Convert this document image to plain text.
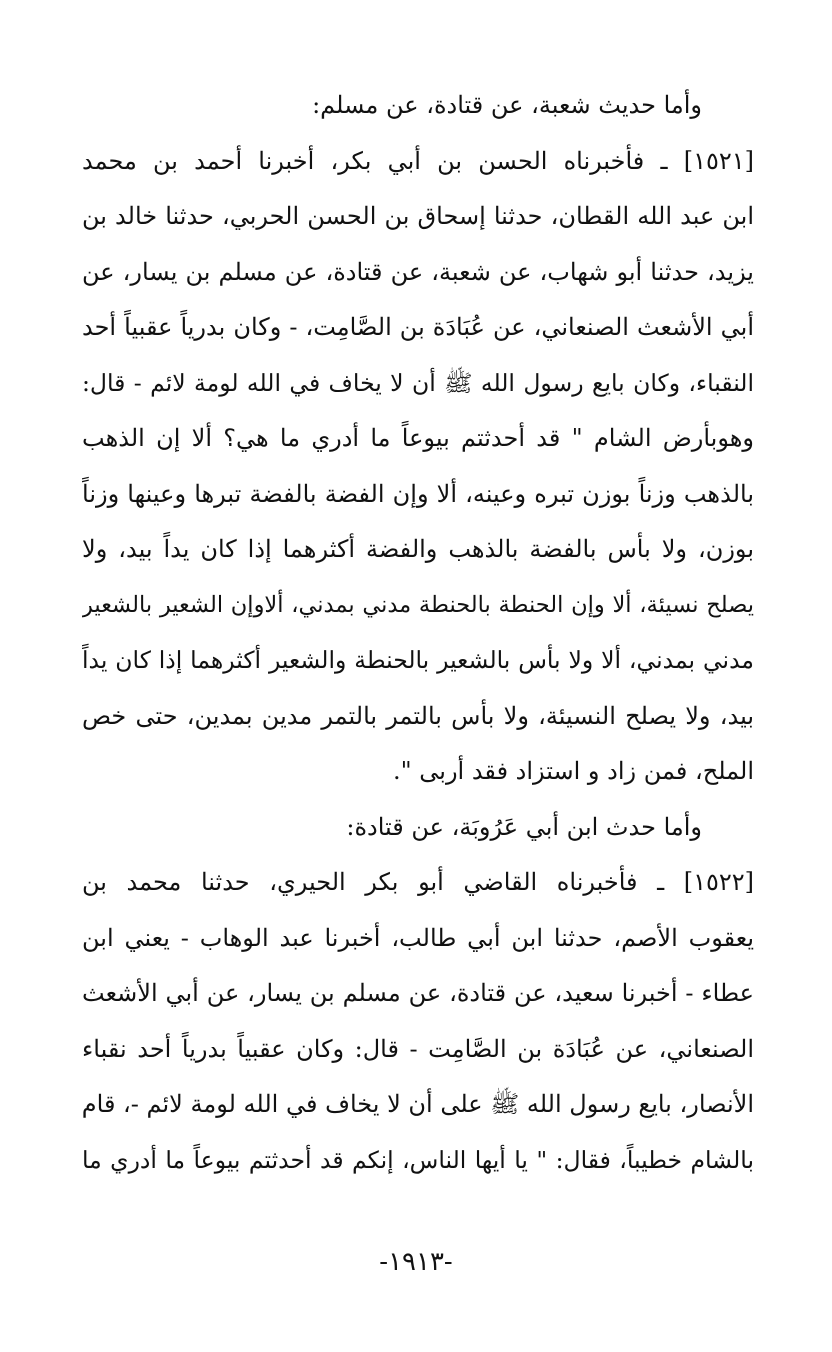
وأما حديث شعبة، عن قتادة، عن مسلم:
[١٥٢١] ـ فأخبرناه الحسن بن أبي بكر، أخبرنا أحمد بن محمد
ابن عبد الله القطان، حدثنا إسحاق بن الحسن الحربي، حدثنا خالد بن
يزيد، حدثنا أبو شهاب، عن شعبة، عن قتادة، عن مسلم بن يسار، عن
أبي الأشعث الصنعاني، عن عُبَادَة بن الصَّامِت، - وكان بدرياً عقبياً أحد
النقباء، وكان بايع رسول الله ﷺ أن لا يخاف في الله لومة لائم - قال:
وهوبأرض الشام " قد أحدثتم بيوعاً ما أدري ما هي؟ ألا إن الذهب
بالذهب وزناً بوزن تبره وعينه، ألا وإن الفضة بالفضة تبرها وعينها وزناً
بوزن، ولا بأس بالفضة بالذهب والفضة أكثرهما إذا كان يداً بيد، ولا
يصلح نسيئة، ألا وإن الحنطة بالحنطة مدني بمدني، ألاوإن الشعير بالشعير
مدني بمدني، ألا ولا بأس بالشعير بالحنطة والشعير أكثرهما إذا كان يداً
بيد، ولا يصلح النسيئة، ولا بأس بالتمر بالتمر مدين بمدين، حتى خص
الملح، فمن زاد و استزاد فقد أربى ".
وأما حدث ابن أبي عَرُوبَة، عن قتادة:
[١٥٢٢] ـ فأخبرناه القاضي أبو بكر الحيري، حدثنا محمد بن
يعقوب الأصم، حدثنا ابن أبي طالب، أخبرنا عبد الوهاب - يعني ابن
عطاء - أخبرنا سعيد، عن قتادة، عن مسلم بن يسار، عن أبي الأشعث
الصنعاني، عن عُبَادَة بن الصَّامِت - قال: وكان عقبياً بدرياً أحد نقباء
الأنصار، بايع رسول الله ﷺ على أن لا يخاف في الله لومة لائم -، قام
بالشام خطيباً، فقال: " يا أيها الناس، إنكم قد أحدثتم بيوعاً ما أدري ما
-١٩١٣-
